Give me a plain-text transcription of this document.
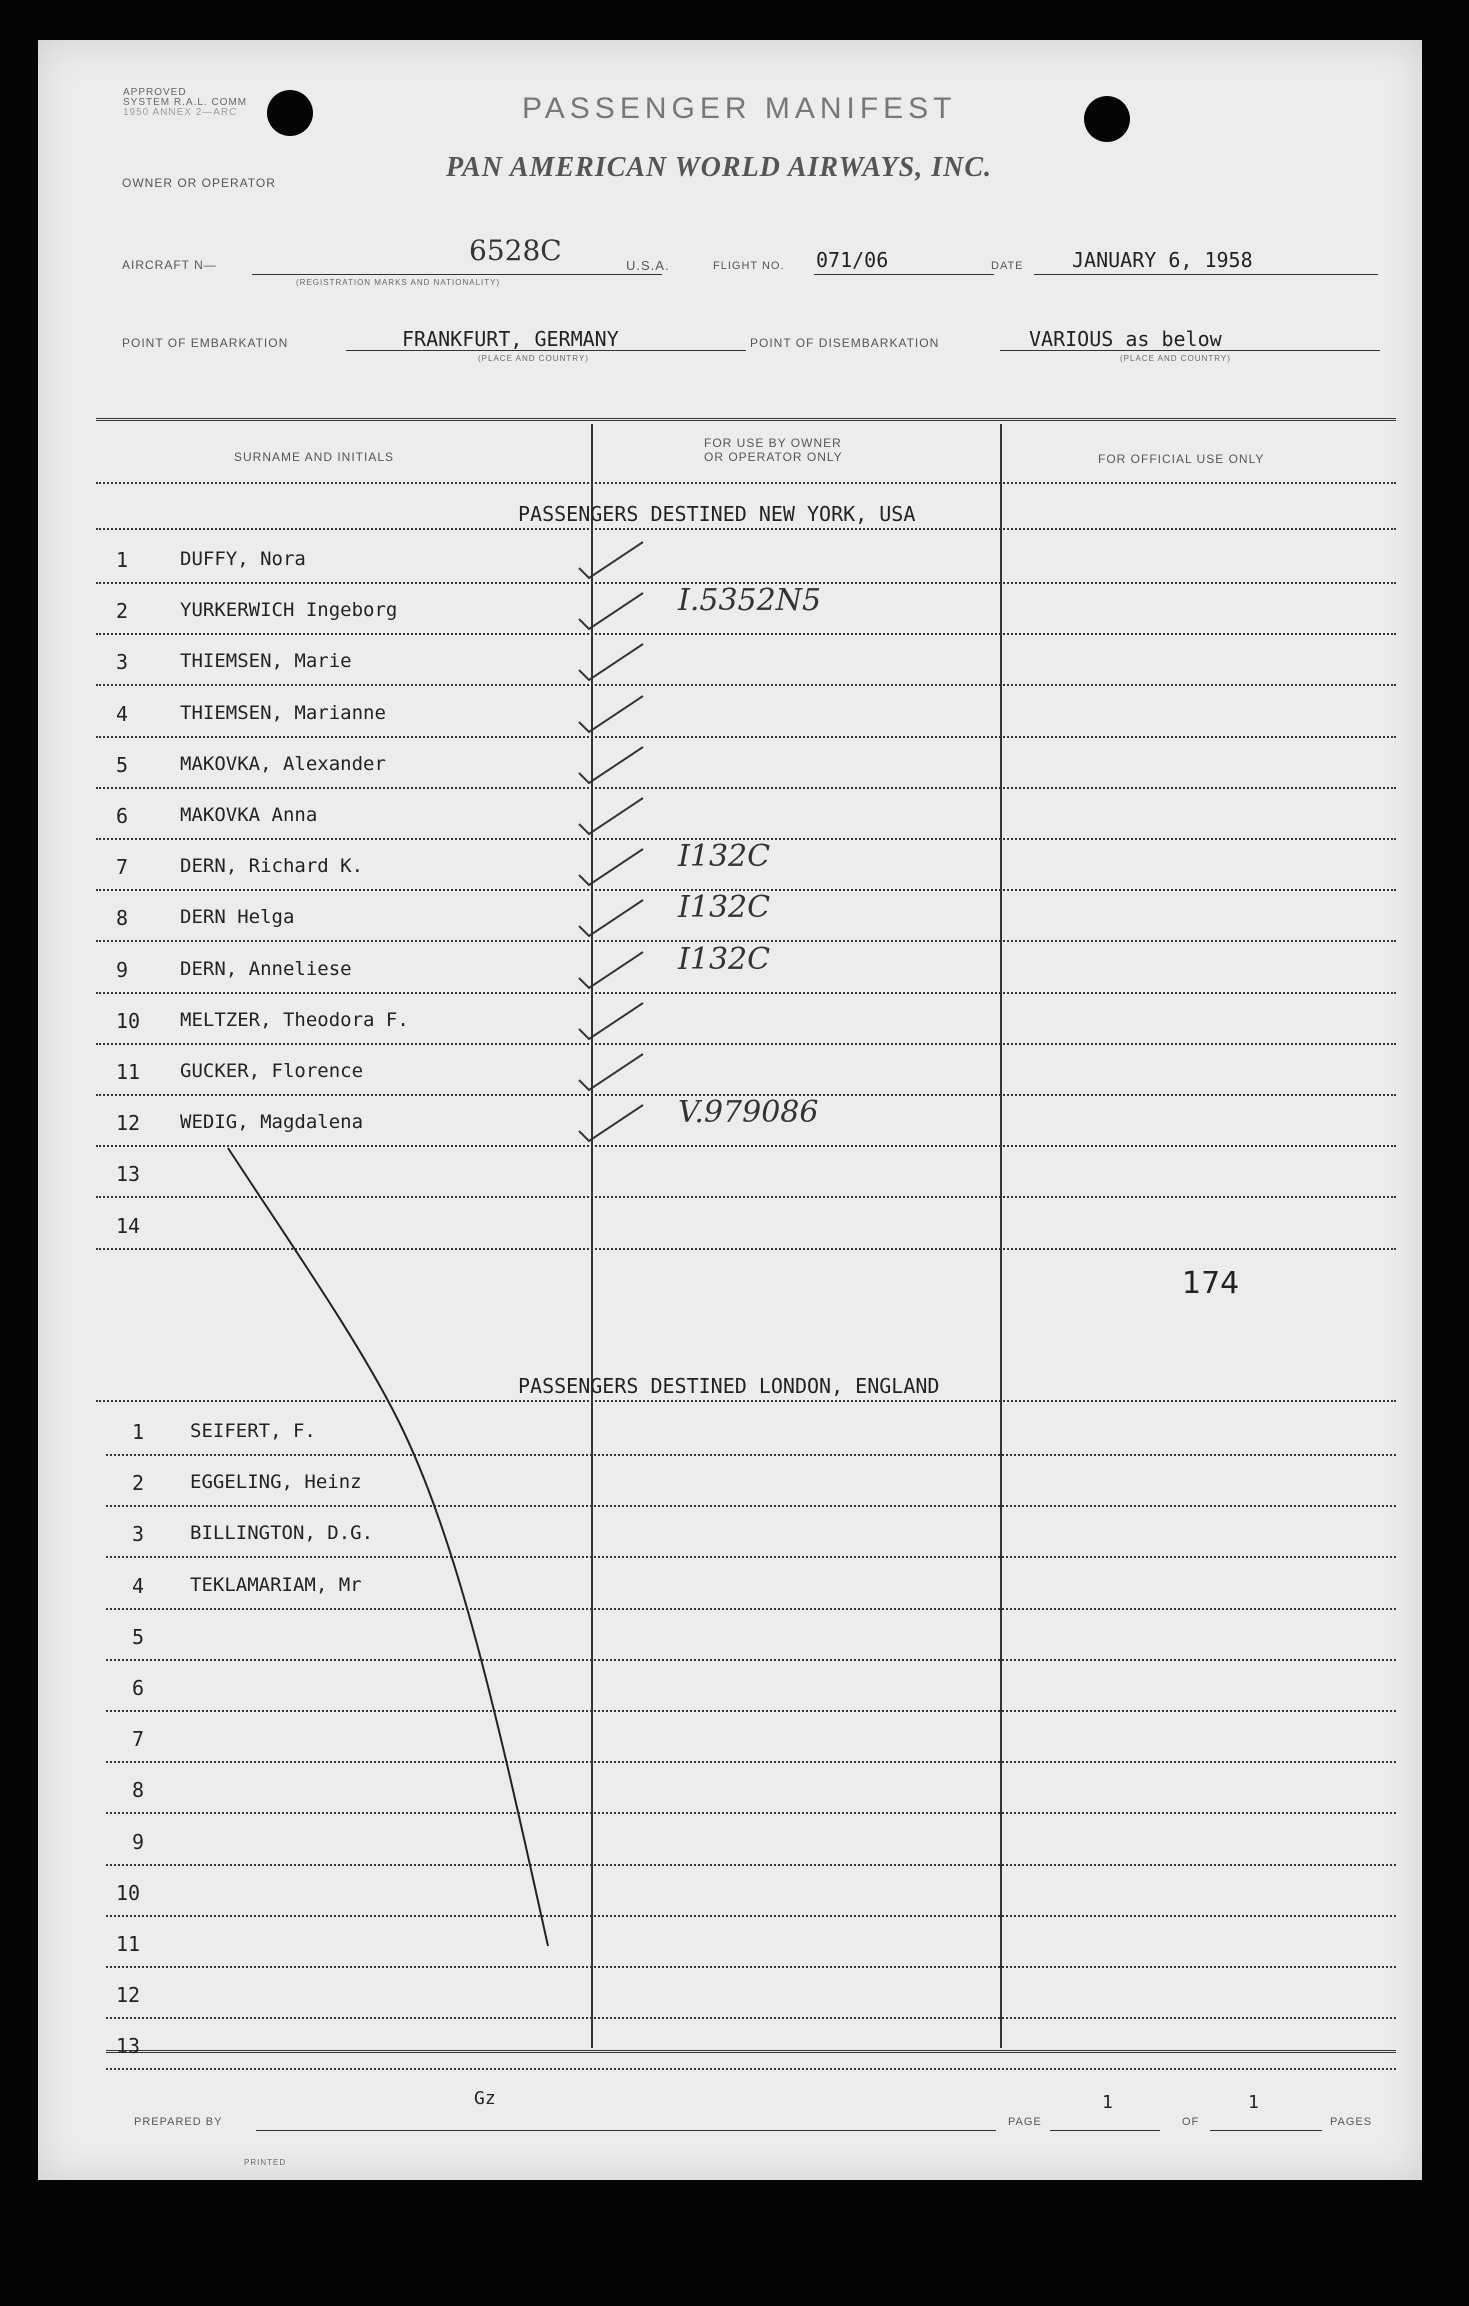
APPROVED
SYSTEM R.A.L. COMM
1950 ANNEX 2—ARC	PASSENGER MANIFEST
OWNER OR OPERATOR	PAN AMERICAN WORLD AIRWAYS, INC.
AIRCRAFT N—	6528C
(REGISTRATION MARKS AND NATIONALITY)
U.S.A.	FLIGHT NO. 071/06	DATE JANUARY 6, 1958
POINT OF EMBARKATION	FRANKFURT, GERMANY
(PLACE AND COUNTRY)
POINT OF DISEMBARKATION	VARIOUS as below
(PLACE AND COUNTRY)
SURNAME AND INITIALS
FOR USE BY OWNER
OR OPERATOR ONLY	FOR OFFICIAL USE ONLY
PASSENGERS DESTINED NEW YORK, USA
1	DUFFY, Nora
2	YURKERWICH Ingeborg	I.5352N5
3	THIEMSEN, Marie
4	THIEMSEN, Marianne
5	MAKOVKA, Alexander
6	MAKOVKA Anna
7	DERN, Richard K.	I132C
8	DERN Helga	I132C
9	DERN, Anneliese	I132C
10 MELTZER, Theodora F.
11 GUCKER, Florence
12 WEDIG, Magdalena	V.979086
13
14
174
PASSENGERS DESTINED LONDON, ENGLAND
1 SEIFERT, F.
2 EGGELING, Heinz
3 BILLINGTON, D.G.
4 TEKLAMARIAM, Mr
5
6
7
8
9
10
11
12
13
PREPARED BY
Gz
PAGE
1
OF
1
PAGES
PRINTED
